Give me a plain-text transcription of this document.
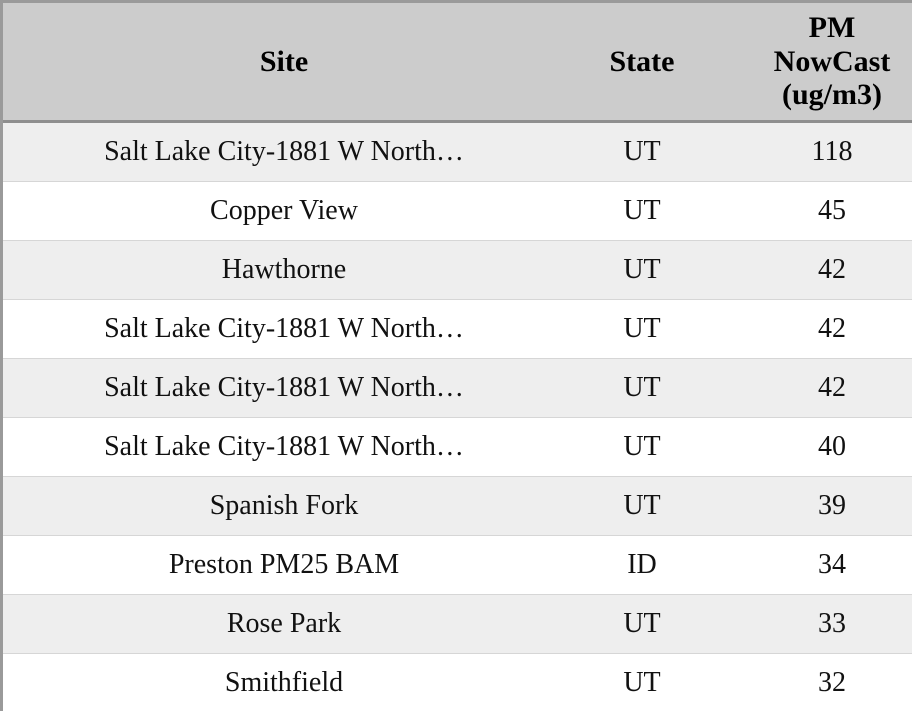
Site	State	PM
NowCast
(ug/m3)

Salt Lake City-1881 W North…	UT	118
Copper View	UT	45
Hawthorne	UT	42
Salt Lake City-1881 W North…	UT	42
Salt Lake City-1881 W North…	UT	42
Salt Lake City-1881 W North…	UT	40
Spanish Fork	UT	39
Preston PM25 BAM	ID	34
Rose Park	UT	33
Smithfield	UT	32
